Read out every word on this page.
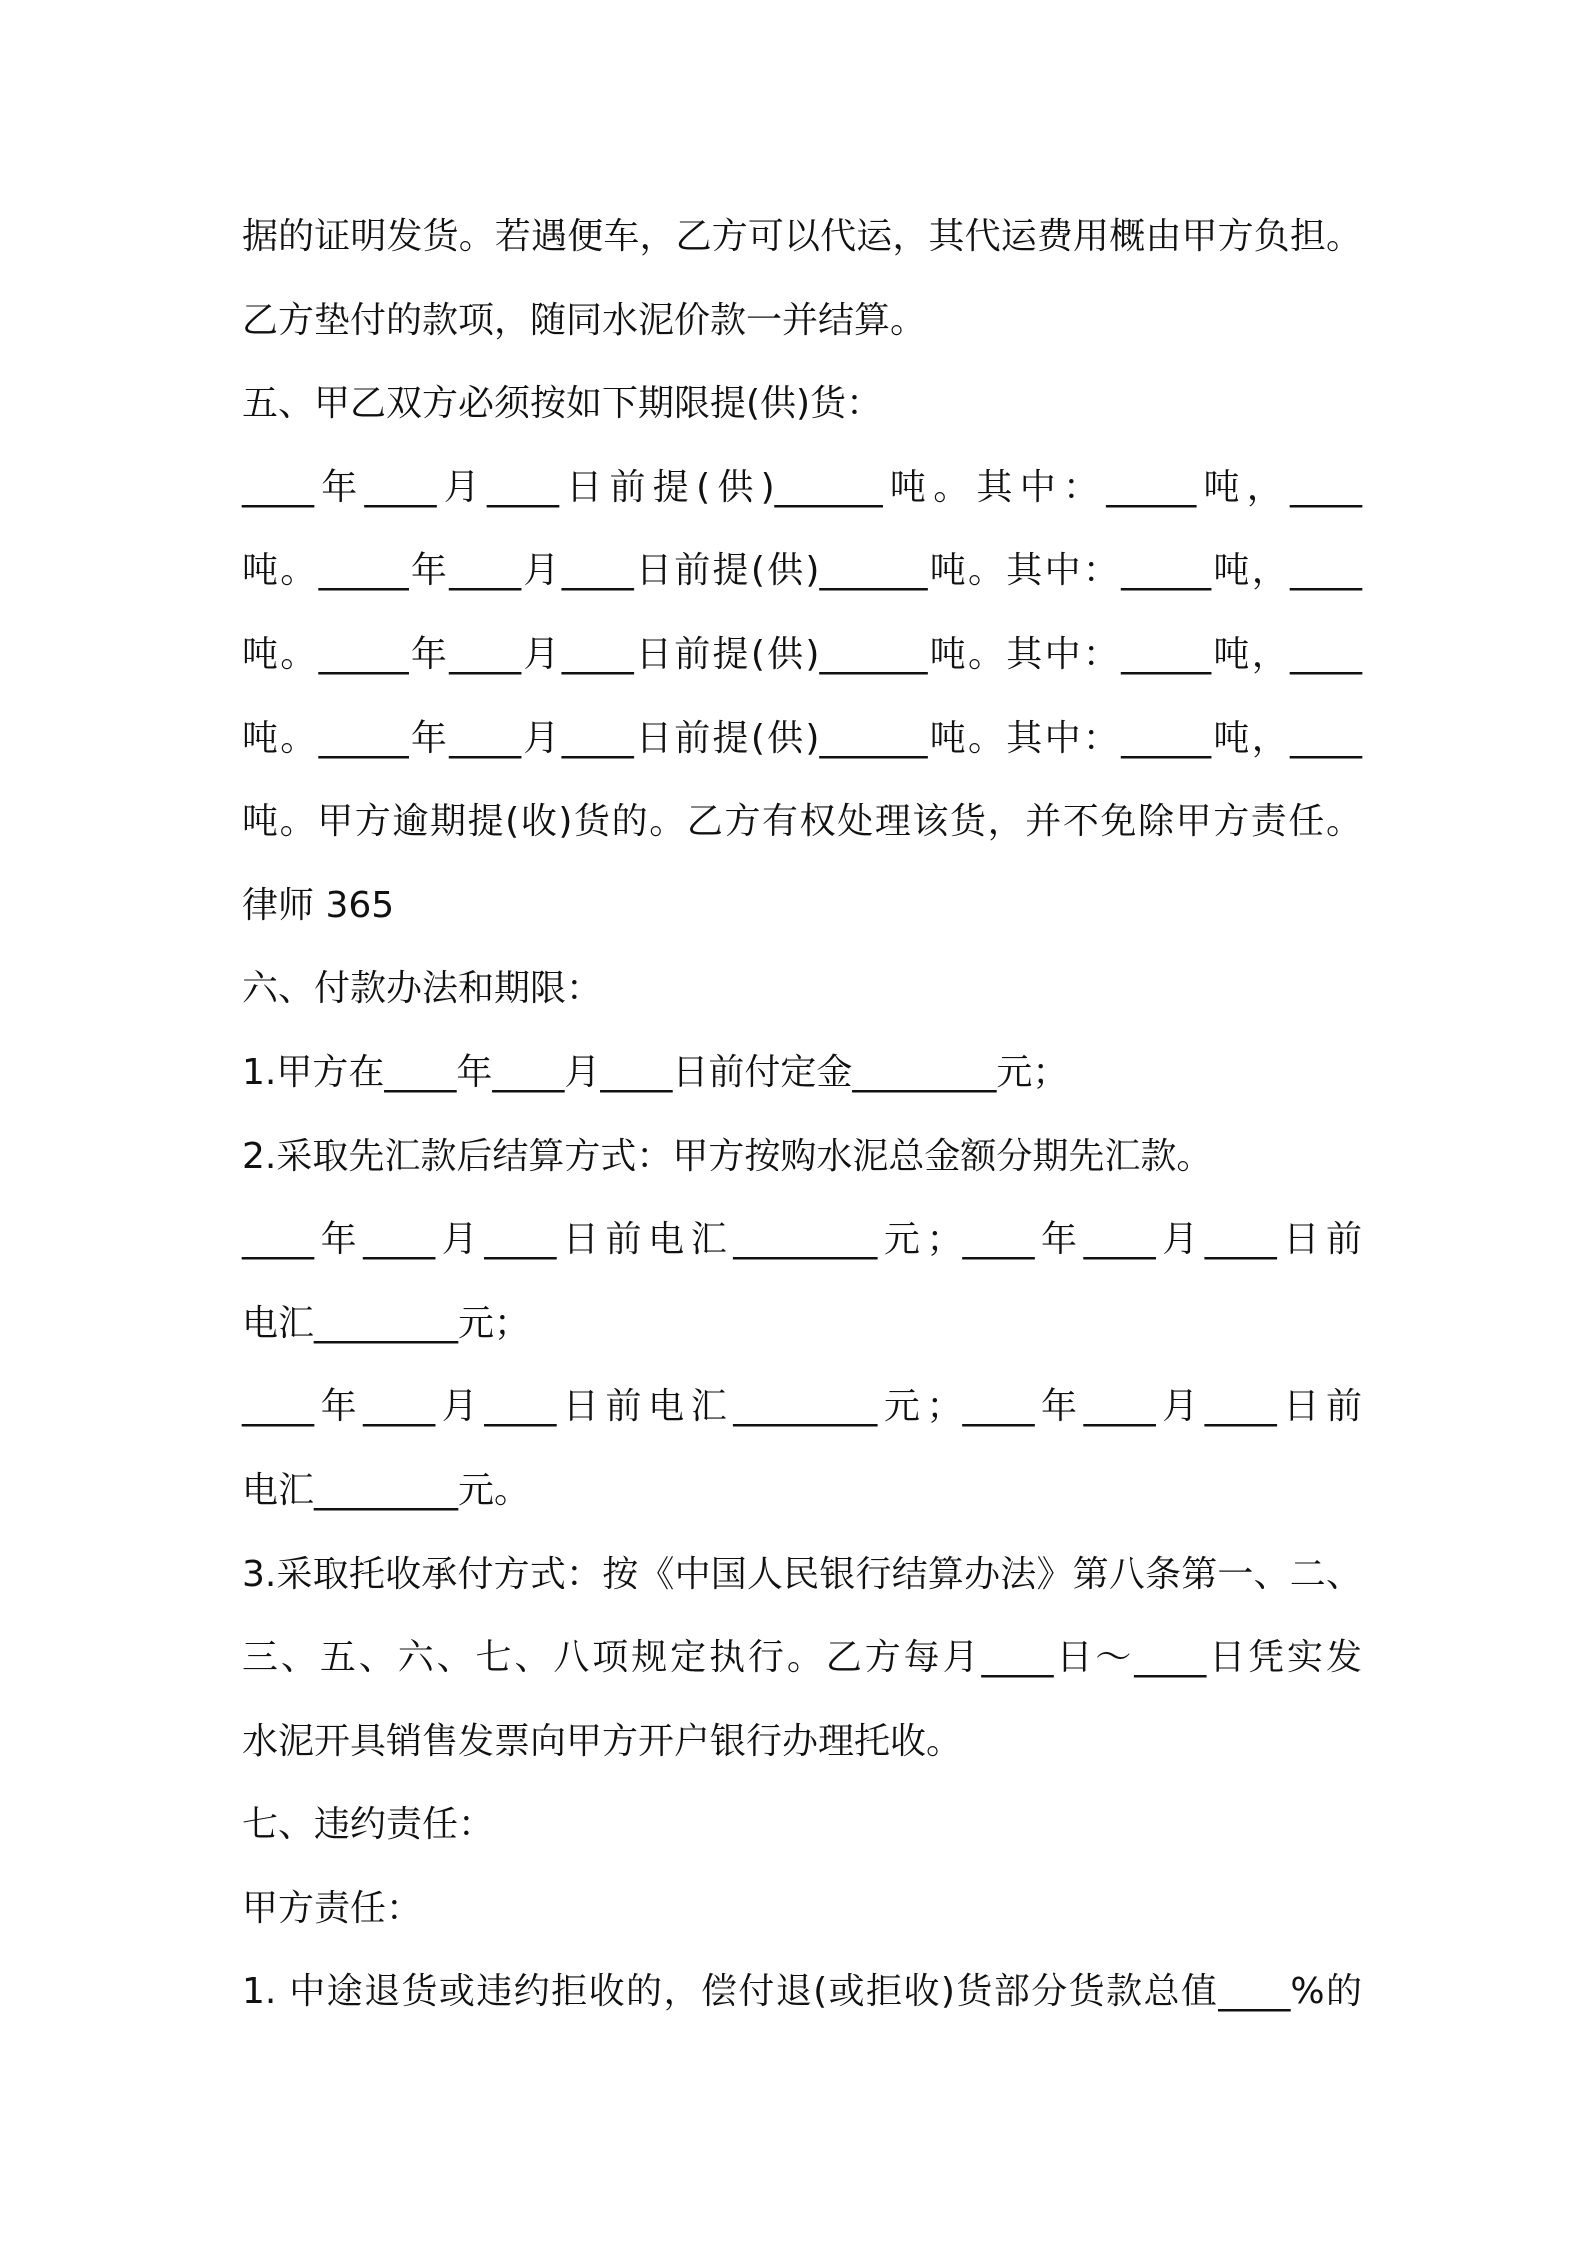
据的证明发货。若遇便车，乙方可以代运，其代运费用概由甲方负担。
乙方垫付的款项，随同水泥价款一并结算。
五、甲乙双方必须按如下期限提(供)货：
____年____月____日前提(供)______吨。其中：_____吨，____
吨。_____年____月____日前提(供)______吨。其中：_____吨，____
吨。_____年____月____日前提(供)______吨。其中：_____吨，____
吨。_____年____月____日前提(供)______吨。其中：_____吨，____
吨。甲方逾期提(收)货的。乙方有权处理该货，并不免除甲方责任。
律师 365
六、付款办法和期限：
1.甲方在____年____月____日前付定金________元；
2.采取先汇款后结算方式：甲方按购水泥总金额分期先汇款。
____年____月____日前电汇________元；____年____月____日前
电汇________元；
____年____月____日前电汇________元；____年____月____日前
电汇________元。
3.采取托收承付方式：按《中国人民银行结算办法》第八条第一、二、
三、五、六、七、八项规定执行。乙方每月____日～____日凭实发
水泥开具销售发票向甲方开户银行办理托收。
七、违约责任：
甲方责任：
1. 中途退货或违约拒收的，偿付退(或拒收)货部分货款总值____%的
